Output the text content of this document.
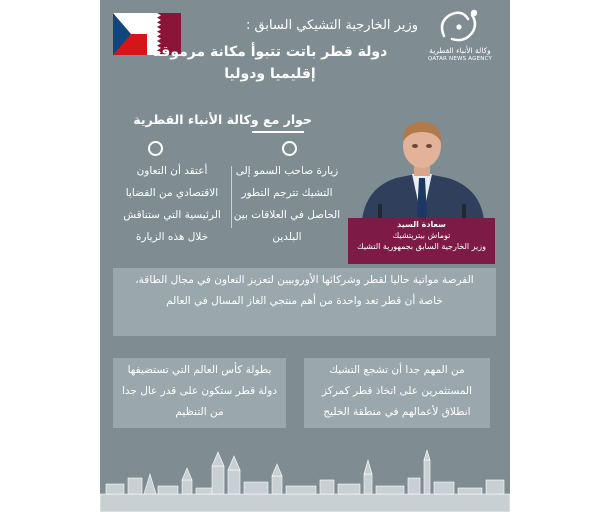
وكالة الأنباء القطرية
QATAR NEWS AGENCY
وزير الخارجية التشيكي السابق :
دولة قطر باتت تتبوأ مكانة مرموقة
إقليميا ودوليا
حوار مع وكالة الأنباء القطرية
زيارة صاحب السمو إلى التشيك تترجم التطور الحاصل في العلاقات بين البلدين
أعتقد أن التعاون الاقتصادي من القضايا الرئيسية التي ستناقش خلال هذه الزيارة
سعادة السيد
توماش بيتريتشيك
وزير الخارجية السابق بجمهورية التشيك
الفرصة مواتية حاليا لقطر وشركائها الأوروبيين لتعزيز التعاون في مجال الطاقة، خاصة أن قطر تعد واحدة من أهم منتجي الغاز المسال في العالم
من المهم جدا أن تشجع التشيك المستثمرين على اتخاذ قطر كمركز انطلاق لأعمالهم في منطقة الخليج
بطولة كأس العالم التي تستضيفها دولة قطر ستكون على قدر عال جدا من التنظيم
